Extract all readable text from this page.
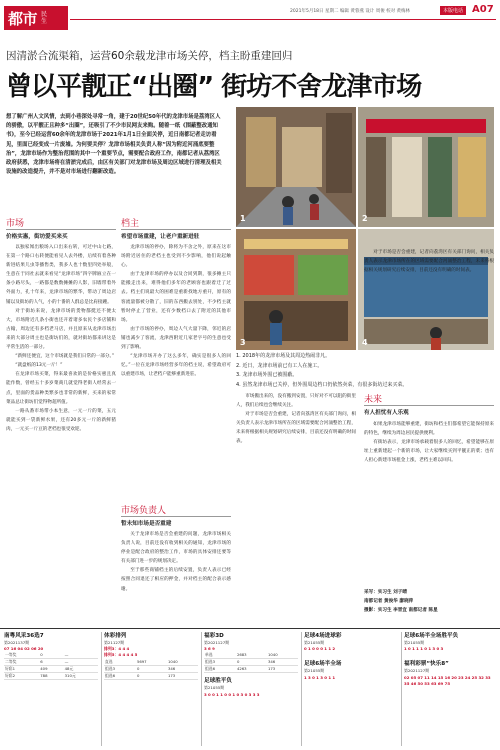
都市 民生
2021年5月18日 星期二 编辑 黄蓉燕 设计 周俊 校对 黄梅林	本版电话 A07
因清淤合流渠箱，运营60余载龙津市场关停，档主盼重建回归
曾以平靓正“出圈” 街坊不舍龙津市场
想了解广州人文风情，去到小巷深处寻常一角，建于20世纪50年代的龙津市场是荔湾区人的骄傲，以平靓正且种多“出圈”，还吸引了不少市民网友来购。随着一纸《围蔽整改通知书》，至今已经运营60余年的龙津市场于2021年1月1日全面关停，近日南都记者走访看见，里面已经变成一片废墟。为何要关停？龙津市场相关负责人称“因为附近河涌底要整治”，龙津市场作为整治范围的其中一个重要节点，需要配合政府工作，南都记者从荔湾区政府获悉，龙津市场将在清淤完成后，由区有关部门对龙津市场及周边区域进行清理及相关设施的改造提升，并不是对市场进行翻新改造。
1	2
3	4
1. 2018年的龙津市场及其周边热闹非凡。
2. 近日，龙津市场前已有工人在施工。
3. 龙津市场外围已被围蔽。
4. 虽然龙津市场已关停，但外围周边档口仍依然卖菜，有很多街坊过来买菜。
市场
价格实惠，街坊爱买来买

以独家闻出粮场入口出来右转，可过中山七路，在第一个路口右转便能看见人去外楼，后续有着各种新进结果儿虫等播售类，我多人也十数里四处举般，生意在于同社去就来看见“龙津市场”四字牌匾立在一条小路尽头，一路都是数数摊摊的人影，旧墙带着外外面力，孔十年来，龙津市场的繁华，带动了周边店铺以及街坊的人气，小的十番的人群总是比肩接踵。

对于街坊来说，龙津市场的货物都挺还不便太大，市场附近几条小街也还开着诸多农民个多店铺和古翰，周边还有多档老马店，并且原来从龙津市场出来的大部分周主也是街坊们的，就对街坊都来讲这是平常生活的一部分。

“新鲜还便宜，这个市场就是我们日常的一部分。”

“就盘纸的13元一斤！”

在龙津市场买菜，得来最喜欢的是价格实惠且真能作数，曾经五十多岁菜商几就觉得老街人经常去一点，里面的货品种类繁多也非常的新鲜，买来的家常菜品总让街坊们觉得物超所值。

一路从番市场带小本生意，一元一斤的菜，五元就能买到一袋新鲜水果，还有20多元一斤的新鲜猪肉，一元买一斤豆的老档也很受欢迎。

档主
希望市场重建，让老户重新进驻

龙津市场的停办，除将为不舍之外，原来在这市场附近居住的老档主也受到不少影响，他们说起触心。

由于龙津市场的停办以及合同到期，很多摊主只能搬走出来，难得他们多年的老顾客也跟着迁了过去。档主们说最大的困难是重新找地方重开，原有的客流量都被分散了，旧的东西搬去别处，不少档主就暂时停止了营业，还有少数档口去了附近的其他市场。

由于市场的停办，周边人气大量下降，邻近的店铺也减少了客流，龙津西附近几家老字号的生意也受到了影响。

“龙津市场开办了这么多年，确实是很多人的回忆。”一位在龙津市场经营多年的档主说，希望政府可以重建市场，让老档户能够重新进驻。

市场负责人
暂未知市场是否重建

关于龙津市场是否会重建的问题，龙津市场相关负责人说，目前还没有收到相关的通知，龙津市场的停业是配合政府的整治工作，市场的具体安排还要等有关部门进一步的规划决定。

至于那些商铺档主的后续安置，负责人表示已经按照合同退还了相应的押金，并对档主的配合表示感谢。

市场搬出来的，没有搬到安置，只好对不可以阻的街里人，我们后续也会继续关注。

对于市场是否会重建，记者向荔湾区有关部门询问，相关负责人表示龙津市场所在的区域需要配合河涌整治工程，未来将根据相关规划研究后续安排，目前还没有明确的时间表。

对于市场是否会重建，记者向荔湾区有关部门询问，相关负责人表示龙津市场所在的区域需要配合河涌整治工程，未来将根据相关规划研究后续安排，目前还没有明确的时间表。

未来
有人担忧有人乐观

如果龙津市场能够重建，街坊和档主们都希望它能保持原来的特色，继续为周边居民提供便利。

有街坊表示，龙津市场承载着很多人的回忆，希望能够在原址上重新建起一个新的市场，让大家继续买到平靓正的菜；也有人担心新建市场租金上涨，老档主难以回归。

采写：实习生 刘子晴
南都记者 黄俊华 廖晓萍
摄影：实习生 李晋宜 南都记者 陈星
南粤风采36选7
第2021137期
07 16 04 02 06 20
一等奖	0	—
二等奖	6	—
好彩1	409	48元
好彩2	788	310元
体彩排列
第21127期
排列3：4 4 4
排列5：4 4 4 4 5
直选	5697	1040
组选3	0	346
组选6	0	173
福彩3D
第2021127期
3 6 9
单选	2683	1040
组选3	0	346
组选6	4263	173
足球胜平负
第21055期
3 0 0 1 1 0 0 1 0 3 0 3 3 3
足球4场进球彩
第21055期
0 1 0 0 0 1 1 2
足球6场半全场
第21055期
1 3 0 1 3 0 1 1
足球6场半全场胜平负
第21055期
1 0 1 1 1 0 1 3 0 3
福利彩票“快乐8”
第2021127期
02 05 07 11 14 15 16 20 23 24 25 32 33 35 46 50 53 63 69 75
